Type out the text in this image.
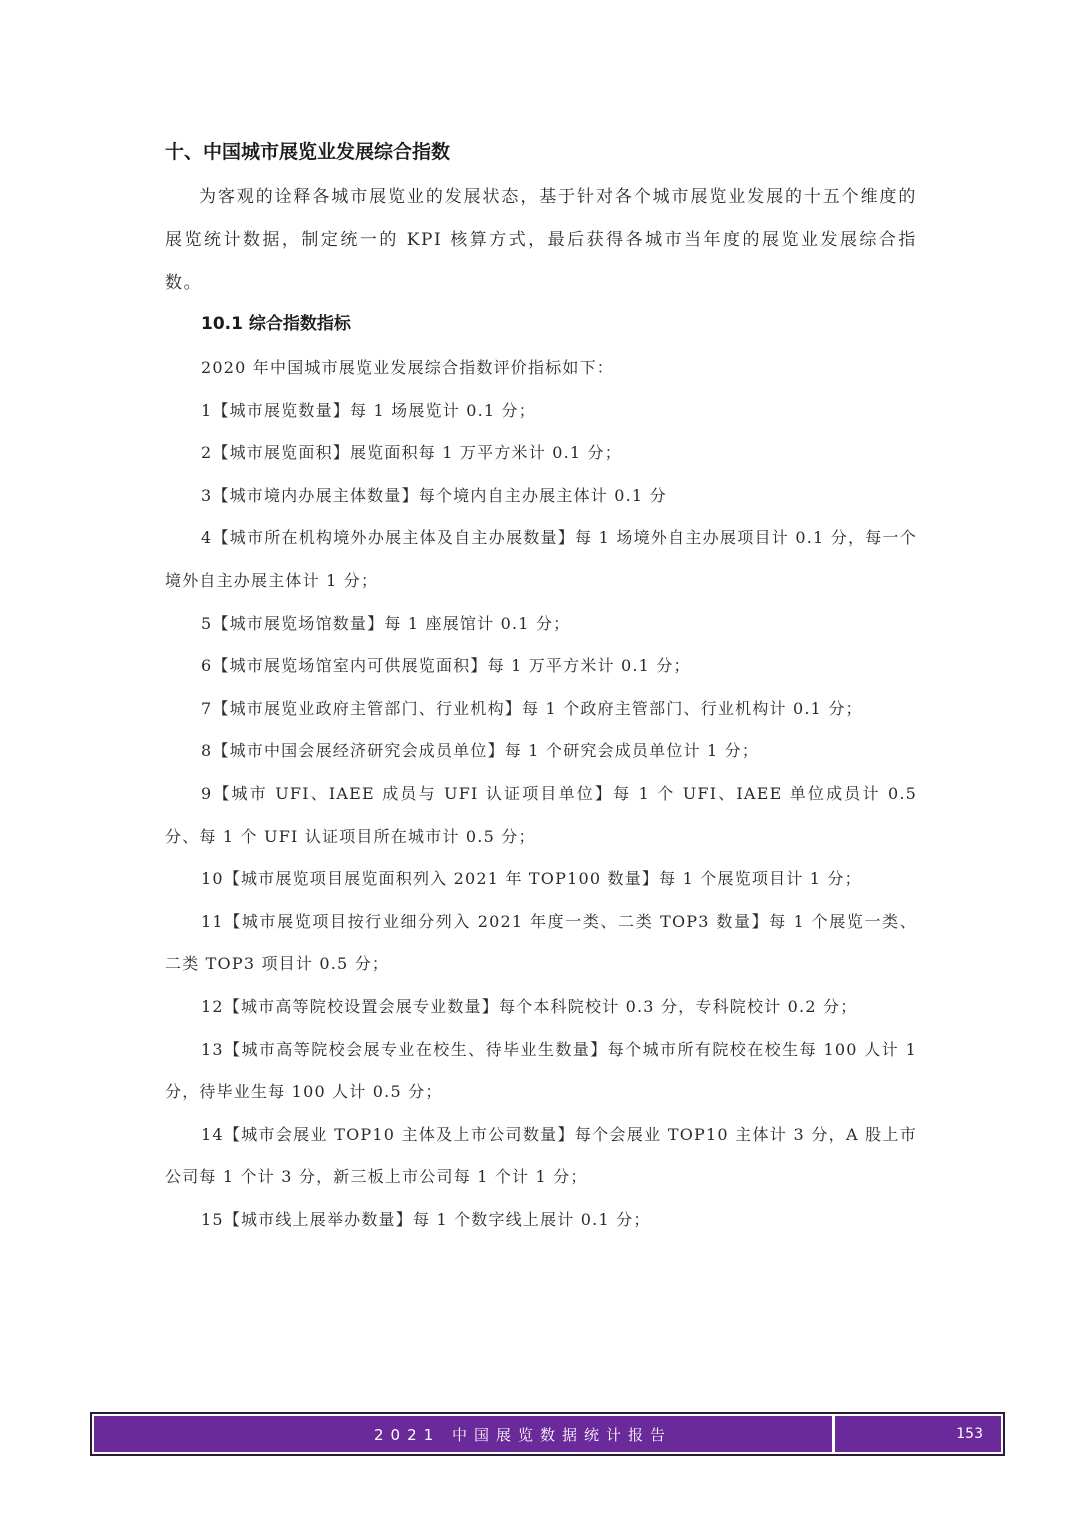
十、中国城市展览业发展综合指数

为客观的诠释各城市展览业的发展状态，基于针对各个城市展览业发展的十五个维度的展览统计数据，制定统一的 KPI 核算方式，最后获得各城市当年度的展览业发展综合指数。

10.1 综合指数指标

2020 年中国城市展览业发展综合指数评价指标如下：

1【城市展览数量】每 1 场展览计 0.1 分；

2【城市展览面积】展览面积每 1 万平方米计 0.1 分；

3【城市境内办展主体数量】每个境内自主办展主体计 0.1 分

4【城市所在机构境外办展主体及自主办展数量】每 1 场境外自主办展项目计 0.1 分，每一个境外自主办展主体计 1 分；

5【城市展览场馆数量】每 1 座展馆计 0.1 分；

6【城市展览场馆室内可供展览面积】每 1 万平方米计 0.1 分；

7【城市展览业政府主管部门、行业机构】每 1 个政府主管部门、行业机构计 0.1 分；

8【城市中国会展经济研究会成员单位】每 1 个研究会成员单位计 1 分；

9【城市 UFI、IAEE 成员与 UFI 认证项目单位】每 1 个 UFI、IAEE 单位成员计 0.5 分、每 1 个 UFI 认证项目所在城市计 0.5 分；

10【城市展览项目展览面积列入 2021 年 TOP100 数量】每 1 个展览项目计 1 分；

11【城市展览项目按行业细分列入 2021 年度一类、二类 TOP3 数量】每 1 个展览一类、二类 TOP3 项目计 0.5 分；

12【城市高等院校设置会展专业数量】每个本科院校计 0.3 分，专科院校计 0.2 分；

13【城市高等院校会展专业在校生、待毕业生数量】每个城市所有院校在校生每 100 人计 1 分，待毕业生每 100 人计 0.5 分；

14【城市会展业 TOP10 主体及上市公司数量】每个会展业 TOP10 主体计 3 分，A 股上市公司每 1 个计 3 分，新三板上市公司每 1 个计 1 分；

15【城市线上展举办数量】每 1 个数字线上展计 0.1 分；

2021 中国展览数据统计报告	153
